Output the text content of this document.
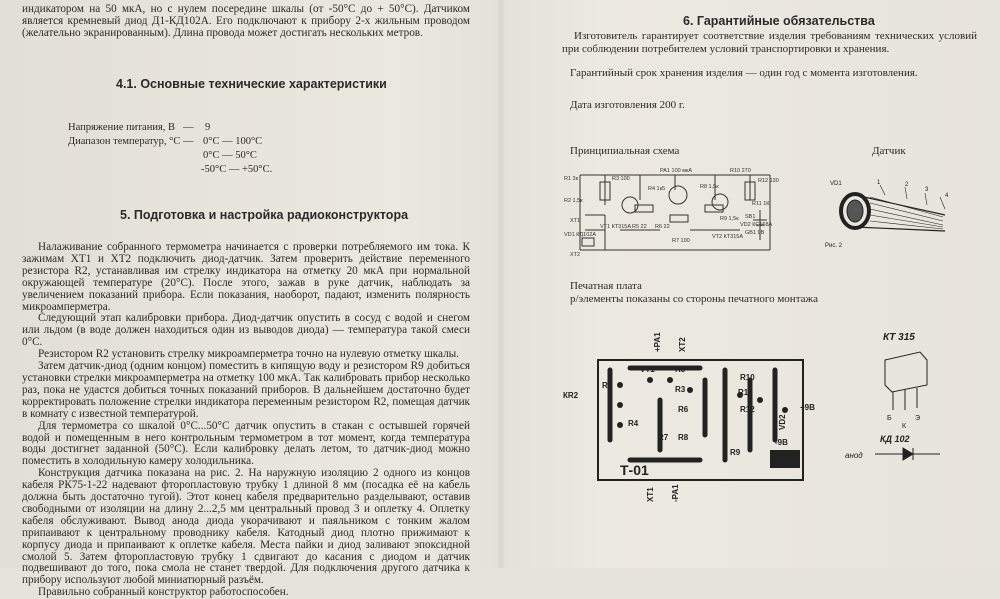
индикатором на 50 мкА, но с нулем посередине шкалы (от -50°С до + 50°С). Датчиком является кремневый диод Д1-КД102А. Его подключают к прибору 2-х жильным проводом (желательно экранированным). Длина провода может достигать нескольких метров.
4.1. Основные технические характеристики
Напряжение питания, В — 9
Диапазон температур, °С — 0°С — 100°С
0°С — 50°С
-50°С — +50°С.
5. Подготовка и настройка радиоконструктора
Налаживание собранного термометра начинается с проверки потребляемого им тока. К зажимам ХТ1 и ХТ2 подключить диод-датчик. Затем проверить действие переменного резистора R2, устанавливая им стрелку индикатора на отметку 20 мкА при нормальной окружающей температуре (20°С). После этого, зажав в руке датчик, наблюдать за увеличением показаний прибора. Если показания, наоборот, падают, изменить полярность микроамперметра.
Следующий этап калибровки прибора. Диод-датчик опустить в сосуд с водой и снегом или льдом (в воде должен находиться один из выводов диода) — температура такой смеси 0°С.
Резистором R2 установить стрелку микроамперметра точно на нулевую отметку шкалы.
Затем датчик-диод (одним концом) поместить в кипящую воду и резистором R9 добиться установки стрелки микроамперметра на отметку 100 мкА. Так калибровать прибор несколько раз, пока не удастся добиться точных показаний приборов. В дальнейшем достаточно будет корректировать положение стрелки индикатора переменным резистором R2, помещая датчик в комнату с известной температурой.
Для термометра со шкалой 0°С...50°С датчик опустить в стакан с остывшей горячей водой и помещенным в него контрольным термометром в тот момент, когда температура воды достигнет заданной (50°С). Если калибровку делать летом, то датчик-диод можно поместить в холодильную камеру холодильника.
Конструкция датчика показана на рис. 2. На наружную изоляцию 2 одного из концов кабеля РК75-1-22 надевают фторопластовую трубку 1 длиной 8 мм (посадка её на кабель должна быть достаточно тугой). Этот конец кабеля предварительно разделывают, оставив свободными от изоляции на длину 2...2,5 мм центральный провод 3 и оплетку 4. Оплетку кабеля обслуживают. Вывод анода диода укорачивают и паяльником с тонким жалом припаивают к центральному проводнику кабеля. Катодный диод плотно прижимают к корпусу диода и припаивают к оплетке кабеля. Места пайки и диод заливают эпоксидной смолой 5. Затем фторопластовую трубку 1 сдвигают до касания с диодом и датчик подвешивают до того, пока смола не станет твердой. Для подключения другого датчика к прибору используют любой миниатюрный разъём.
Правильно собранный конструктор работоспособен.
6. Гарантийные обязательства
Изготовитель гарантирует соответствие изделия требованиям технических условий при соблюдении потребителем условий транспортировки и хранения.
Гарантийный срок хранения изделия — один год с момента изготовления.
Дата изготовления 200 г.
Принципиальная схема	Датчик
R1 3к	R3 100
R4 1к5
R2 1,5к
R6 22
R5 22
R7 100
R8 1,5к
R9 1,5к
R10 270
R11 1К
R12 130
VT1 КТ315А
VT2 КТ315А
PA1 100 мкА
ХТ1
ХТ2
VD1 КД102А
SB1
GB1 9В
VD2 КС168А
VD1	1	2
3
4
Рис. 2
Печатная плата
р/элементы показаны со стороны печатного монтажа
Т-01
+PA1 XT2
XT1 -PA1
R1
VT1	R5
R3
R4
R6
R7 R8
R9
R10
R11
R12
VD2
КR2
+9В
-9В
КТ 315
Б	Э
К
КД 102
анод
